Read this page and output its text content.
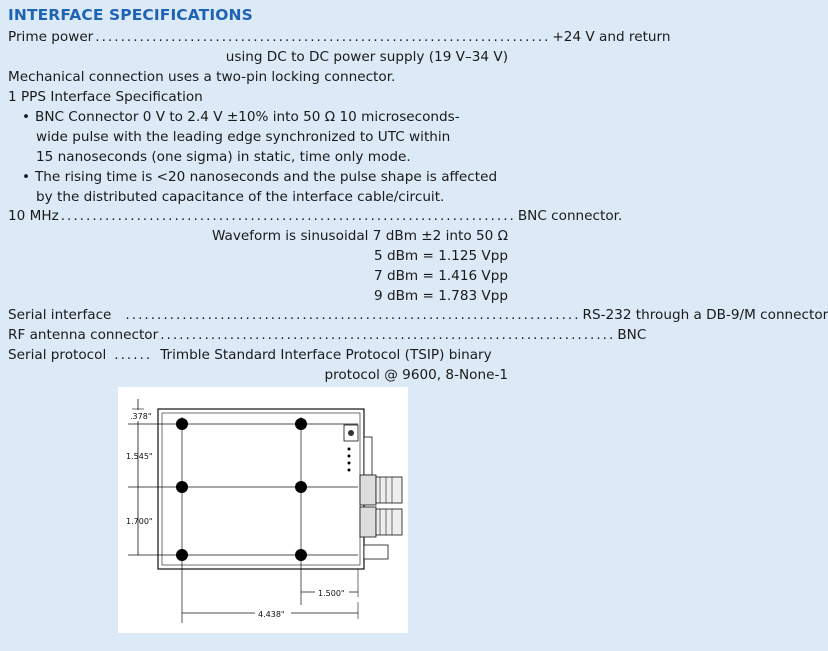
INTERFACE SPECIFICATIONS
Prime power ........................................................................ +24 V and return
using DC to DC power supply (19 V–34 V)
Mechanical connection uses a two-pin locking connector.
1 PPS Interface Specification
• BNC Connector 0 V to 2.4 V ±10% into 50 Ω 10 microseconds-
wide pulse with the leading edge synchronized to UTC within
15 nanoseconds (one sigma) in static, time only mode.
• The rising time is <20 nanoseconds and the pulse shape is affected
by the distributed capacitance of the interface cable/circuit.
10 MHz ........................................................................ BNC connector.
Waveform is sinusoidal 7 dBm ±2 into 50 Ω
5 dBm = 1.125 Vpp
7 dBm = 1.416 Vpp
9 dBm = 1.783 Vpp
Serial interface ........................................................................ RS-232 through a DB-9/M connector
RF antenna connector ........................................................................ BNC
Serial protocol ...... Trimble Standard Interface Protocol (TSIP) binary
protocol @ 9600, 8-None-1
.378"
1.545"
1.700"
1.500"
4.438"
